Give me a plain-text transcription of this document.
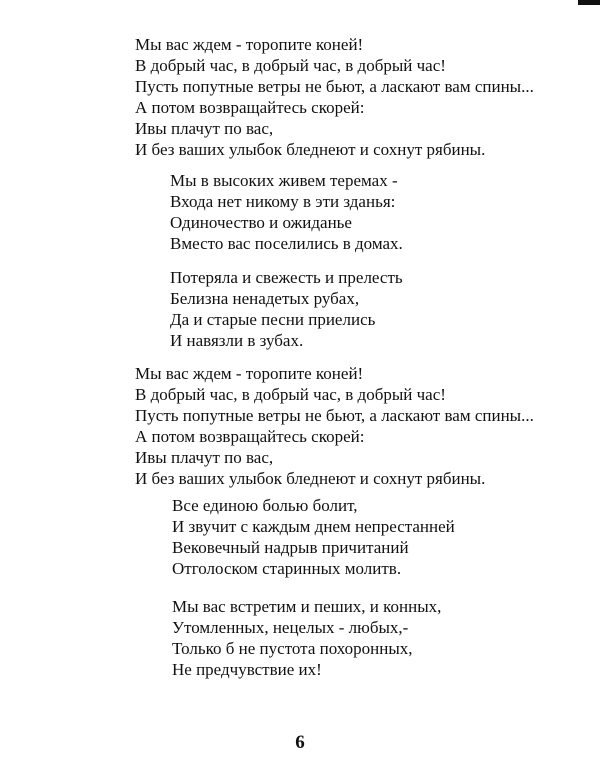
Мы вас ждем - торопите коней!
В добрый час, в добрый час, в добрый час!
Пусть попутные ветры не бьют, а ласкают вам спины...
А потом возвращайтесь скорей:
Ивы плачут по вас,
И без ваших улыбок бледнеют и сохнут рябины.
Мы в высоких живем теремах -
Входа нет никому в эти зданья:
Одиночество и ожиданье
Вместо вас поселились в домах.
Потеряла и свежесть и прелесть
Белизна ненадетых рубах,
Да и старые песни приелись
И навязли в зубах.
Мы вас ждем - торопите коней!
В добрый час, в добрый час, в добрый час!
Пусть попутные ветры не бьют, а ласкают вам спины...
А потом возвращайтесь скорей:
Ивы плачут по вас,
И без ваших улыбок бледнеют и сохнут рябины.
Все единою болью болит,
И звучит с каждым днем непрестанней
Вековечный надрыв причитаний
Отголоском старинных молитв.
Мы вас встретим и пеших, и конных,
Утомленных, нецелых - любых,-
Только б не пустота похоронных,
Не предчувствие их!
6
